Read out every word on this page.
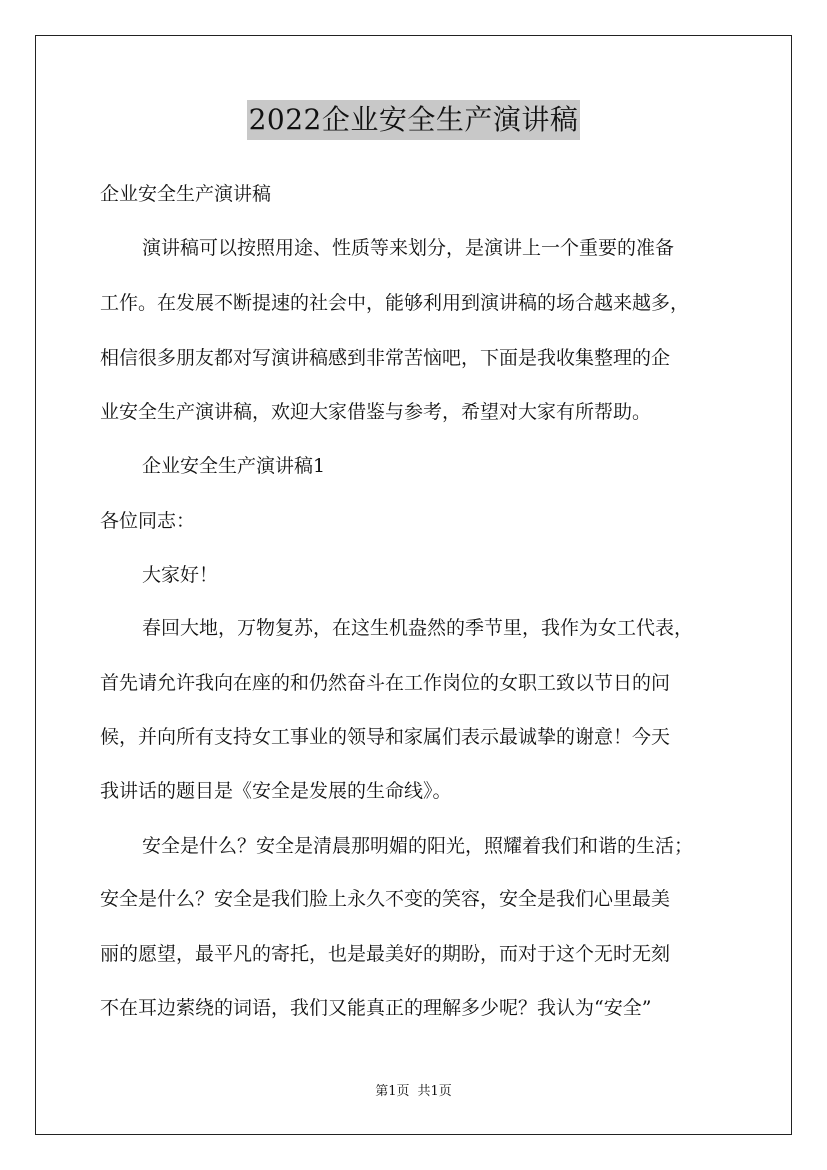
2022企业安全生产演讲稿
企业安全生产演讲稿
演讲稿可以按照用途、性质等来划分，是演讲上一个重要的准备
工作。在发展不断提速的社会中，能够利用到演讲稿的场合越来越多，
相信很多朋友都对写演讲稿感到非常苦恼吧，下面是我收集整理的企
业安全生产演讲稿，欢迎大家借鉴与参考，希望对大家有所帮助。
企业安全生产演讲稿1
各位同志：
大家好！
春回大地，万物复苏，在这生机盎然的季节里，我作为女工代表，
首先请允许我向在座的和仍然奋斗在工作岗位的女职工致以节日的问
候，并向所有支持女工事业的领导和家属们表示最诚挚的谢意！今天
我讲话的题目是《安全是发展的生命线》。
安全是什么？安全是清晨那明媚的阳光，照耀着我们和谐的生活；
安全是什么？安全是我们脸上永久不变的笑容，安全是我们心里最美
丽的愿望，最平凡的寄托，也是最美好的期盼，而对于这个无时无刻
不在耳边萦绕的词语，我们又能真正的理解多少呢？我认为“安全”
第1页 共1页
